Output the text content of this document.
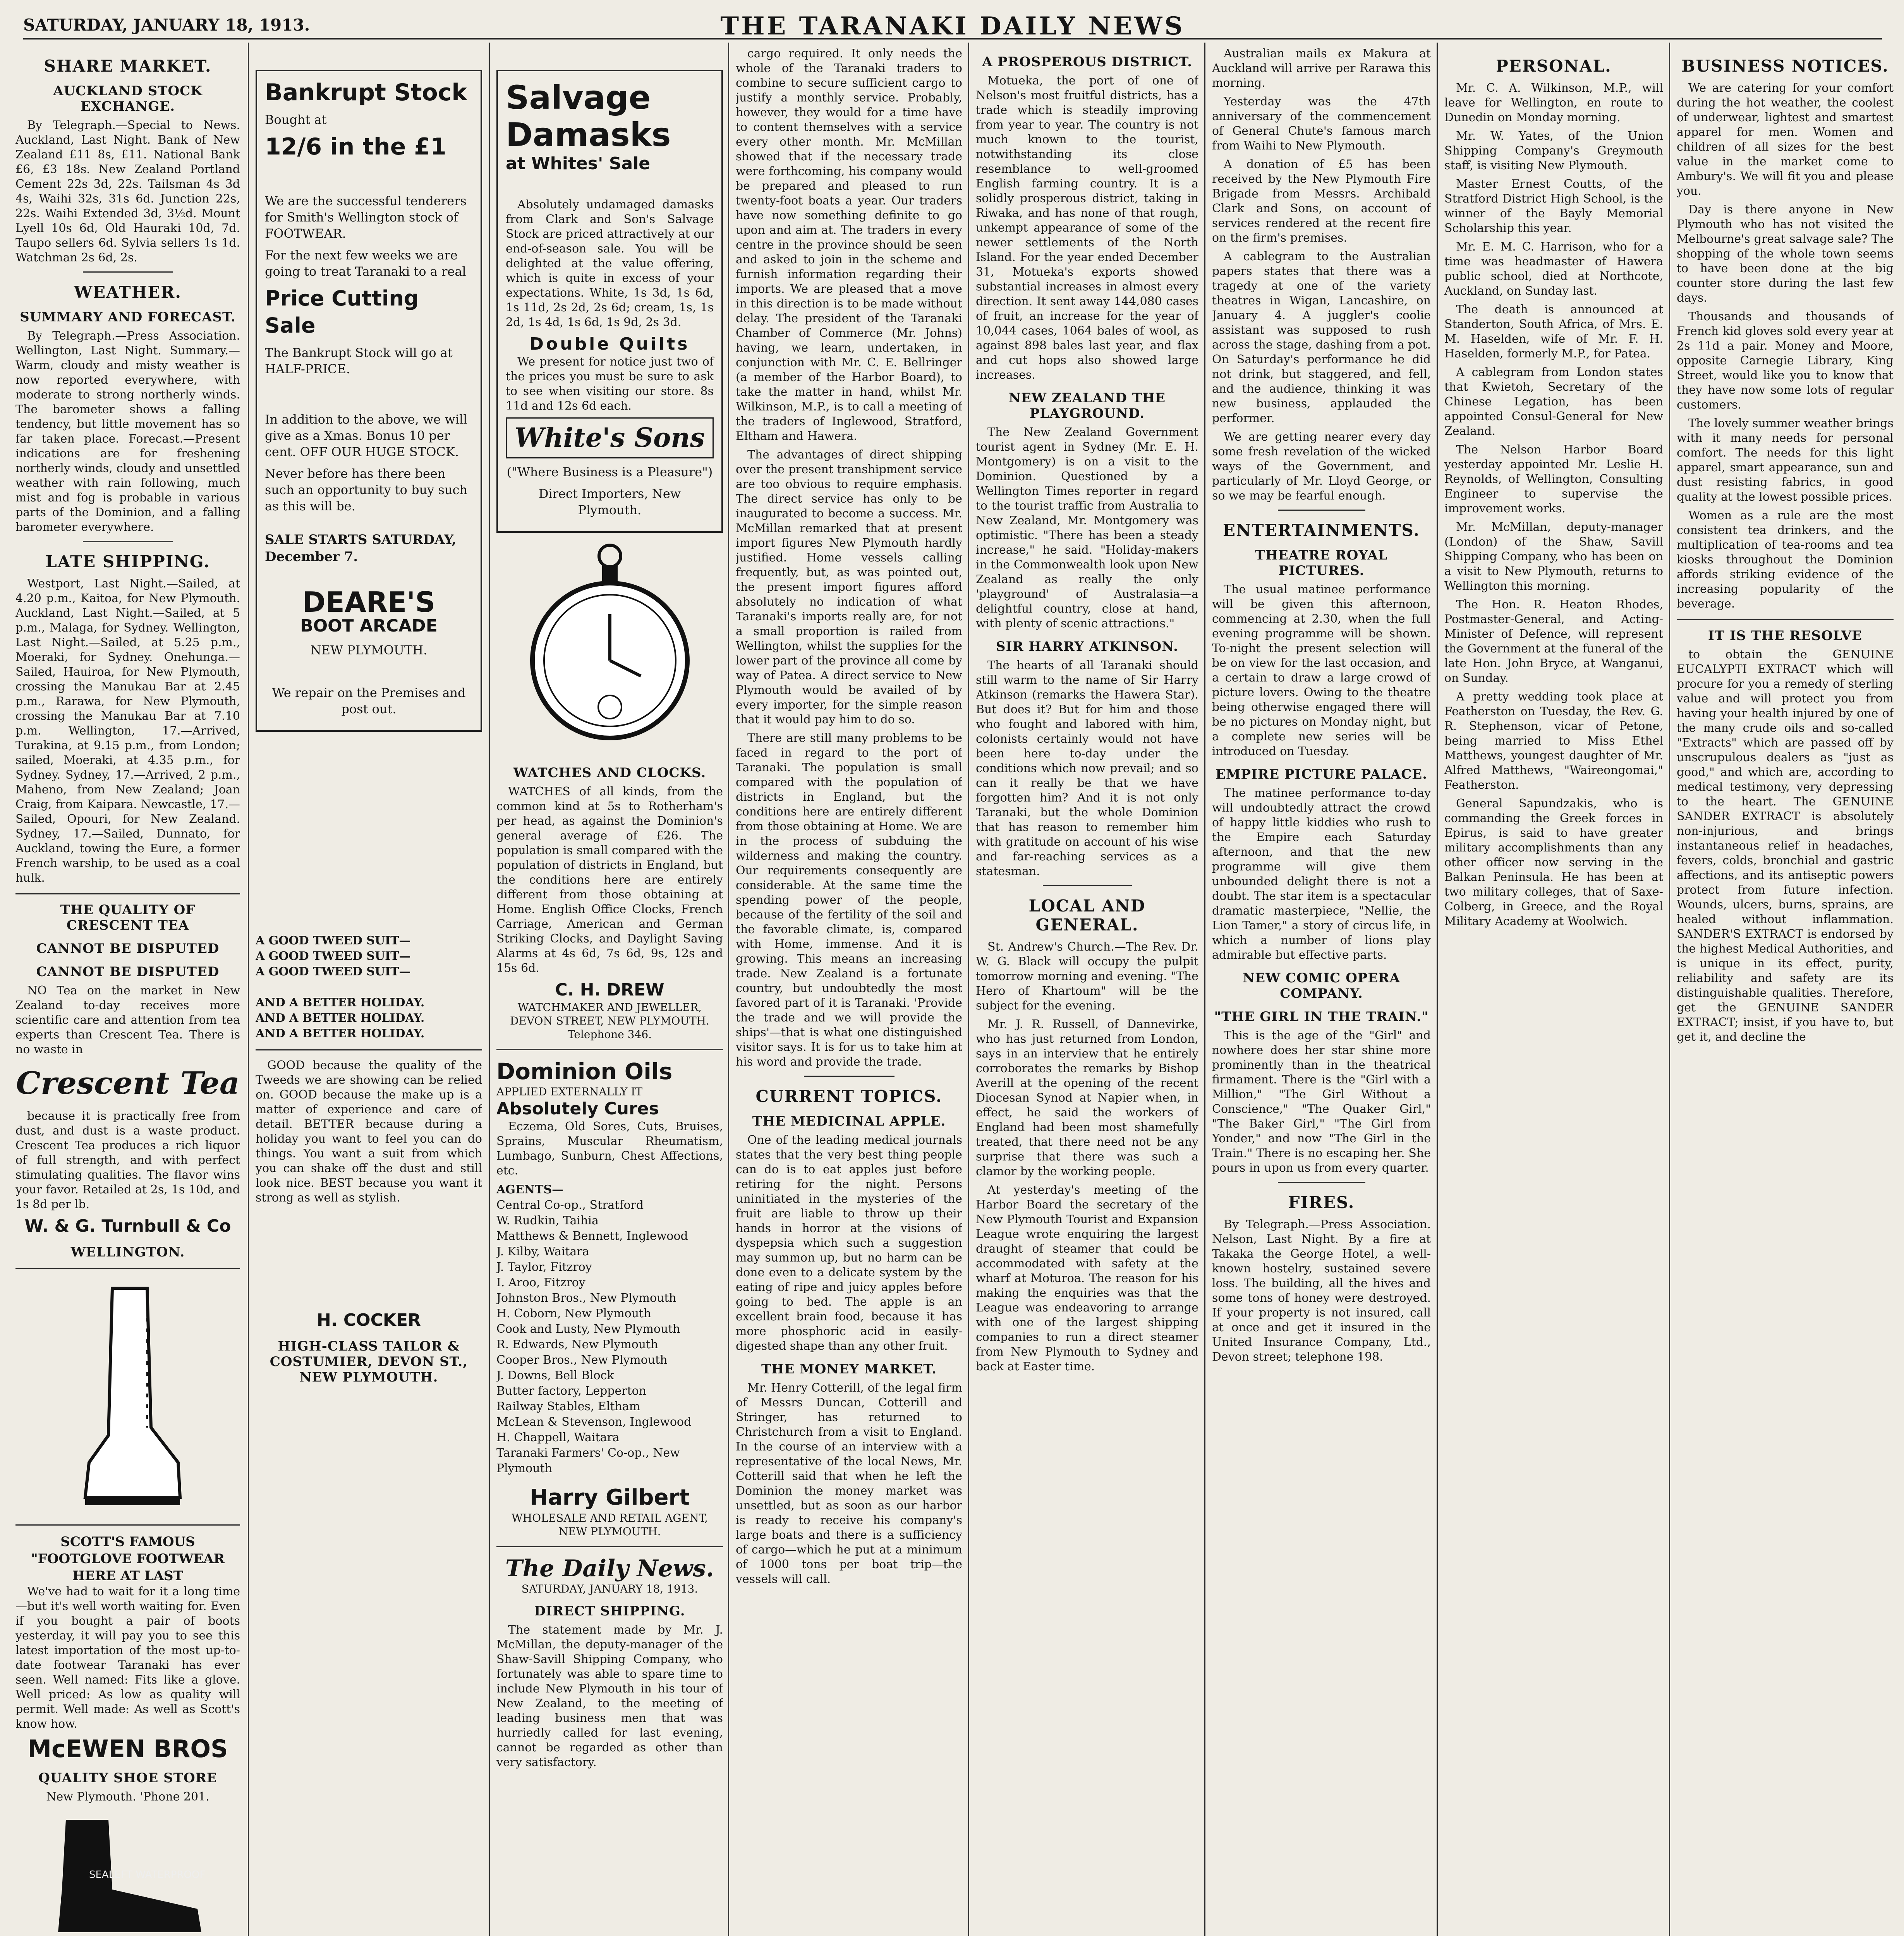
SATURDAY, JANUARY 18, 1913.	THE TARANAKI DAILY NEWS
SHARE MARKET.
AUCKLAND STOCK EXCHANGE.

By Telegraph.—Special to News. Auckland, Last Night. Bank of New Zealand £11 8s, £11. National Bank £6, £3 18s. New Zealand Portland Cement 22s 3d, 22s. Tailsman 4s 3d 4s, Waihi 32s, 31s 6d. Junction 22s, 22s. Waihi Extended 3d, 3½d. Mount Lyell 10s 6d, Old Hauraki 10d, 7d. Taupo sellers 6d. Sylvia sellers 1s 1d. Watchman 2s 6d, 2s.

WEATHER.
SUMMARY AND FORECAST.

By Telegraph.—Press Association. Wellington, Last Night. Summary.—Warm, cloudy and misty weather is now reported everywhere, with moderate to strong northerly winds. The barometer shows a falling tendency, but little movement has so far taken place. Forecast.—Present indications are for freshening northerly winds, cloudy and unsettled weather with rain following, much mist and fog is probable in various parts of the Dominion, and a falling barometer everywhere.

LATE SHIPPING.

Westport, Last Night.—Sailed, at 4.20 p.m., Kaitoa, for New Plymouth. Auckland, Last Night.—Sailed, at 5 p.m., Malaga, for Sydney. Wellington, Last Night.—Sailed, at 5.25 p.m., Moeraki, for Sydney. Onehunga.—Sailed, Hauiroa, for New Plymouth, crossing the Manukau Bar at 2.45 p.m., Rarawa, for New Plymouth, crossing the Manukau Bar at 7.10 p.m. Wellington, 17.—Arrived, Turakina, at 9.15 p.m., from London; sailed, Moeraki, at 4.35 p.m., for Sydney. Sydney, 17.—Arrived, 2 p.m., Maheno, from New Zealand; Joan Craig, from Kaipara. Newcastle, 17.—Sailed, Opouri, for New Zealand. Sydney, 17.—Sailed, Dunnato, for Auckland, towing the Eure, a former French warship, to be used as a coal hulk.

THE QUALITY OF CRESCENT TEA
CANNOT BE DISPUTED
CANNOT BE DISPUTED

NO Tea on the market in New Zealand to-day receives more scientific care and attention from tea experts than Crescent Tea. There is no waste in

Crescent Tea

because it is practically free from dust, and dust is a waste product. Crescent Tea produces a rich liquor of full strength, and with perfect stimulating qualities. The flavor wins your favor. Retailed at 2s, 1s 10d, and 1s 8d per lb.

W. & G. Turnbull & Co
WELLINGTON.
SCOTT'S FAMOUS "FOOTGLOVE FOOTWEAR HERE AT LAST

We've had to wait for it a long time—but it's well worth waiting for. Even if you bought a pair of boots yesterday, it will pay you to see this latest importation of the most up-to-date footwear Taranaki has ever seen. Well named: Fits like a glove. Well priced: As low as quality will permit. Well made: As well as Scott's know how.

McEWEN BROS
QUALITY SHOE STORE
New Plymouth. 'Phone 201.
SEALEFT WATERPROOF
Bankrupt Stock
Bought at
12/6 in the £1
We are the successful tenderers for Smith's Wellington stock of FOOTWEAR.
For the next few weeks we are going to treat Taranaki to a real
Price Cutting Sale
The Bankrupt Stock will go at HALF-PRICE.
In addition to the above, we will give as a Xmas. Bonus 10 per cent. OFF OUR HUGE STOCK.
Never before has there been such an opportunity to buy such as this will be.
SALE STARTS SATURDAY, December 7.
DEARE'S
BOOT ARCADE
NEW PLYMOUTH.
We repair on the Premises and post out.
A GOOD TWEED SUIT—
A GOOD TWEED SUIT—
A GOOD TWEED SUIT—
AND A BETTER HOLIDAY.
AND A BETTER HOLIDAY.
AND A BETTER HOLIDAY.

GOOD because the quality of the Tweeds we are showing can be relied on. GOOD because the make up is a matter of experience and care of detail. BETTER because during a holiday you want to feel you can do things. You want a suit from which you can shake off the dust and still look nice. BEST because you want it strong as well as stylish.

H. COCKER
HIGH-CLASS TAILOR & COSTUMIER, DEVON ST., NEW PLYMOUTH.
Salvage Damasks
at Whites' Sale

Absolutely undamaged damasks from Clark and Son's Salvage Stock are priced attractively at our end-of-season sale. You will be delighted at the value offering, which is quite in excess of your expectations. White, 1s 3d, 1s 6d, 1s 11d, 2s 2d, 2s 6d; cream, 1s, 1s 2d, 1s 4d, 1s 6d, 1s 9d, 2s 3d.

Double Quilts

We present for notice just two of the prices you must be sure to ask to see when visiting our store. 8s 11d and 12s 6d each.

White's Sons
("Where Business is a Pleasure")
Direct Importers, New Plymouth.
WATCHES AND CLOCKS.

WATCHES of all kinds, from the common kind at 5s to Rotherham's per head, as against the Dominion's general average of £26. The population is small compared with the population of districts in England, but the conditions here are entirely different from those obtaining at Home. English Office Clocks, French Carriage, American and German Striking Clocks, and Daylight Saving Alarms at 4s 6d, 7s 6d, 9s, 12s and 15s 6d.

C. H. DREW
WATCHMAKER AND JEWELLER, DEVON STREET, NEW PLYMOUTH. Telephone 346.
Dominion Oils
APPLIED EXTERNALLY IT
Absolutely Cures

Eczema, Old Sores, Cuts, Bruises, Sprains, Muscular Rheumatism, Lumbago, Sunburn, Chest Affections, etc.

AGENTS—
Central Co-op., Stratford
W. Rudkin, Taihia
Matthews & Bennett, Inglewood
J. Kilby, Waitara
J. Taylor, Fitzroy
I. Aroo, Fitzroy
Johnston Bros., New Plymouth
H. Coborn, New Plymouth
Cook and Lusty, New Plymouth
R. Edwards, New Plymouth
Cooper Bros., New Plymouth
J. Downs, Bell Block
Butter factory, Lepperton
Railway Stables, Eltham
McLean & Stevenson, Inglewood
H. Chappell, Waitara
Taranaki Farmers' Co-op., New Plymouth
Harry Gilbert
WHOLESALE AND RETAIL AGENT, NEW PLYMOUTH.
The Daily News.
SATURDAY, JANUARY 18, 1913.
DIRECT SHIPPING.

The statement made by Mr. J. McMillan, the deputy-manager of the Shaw-Savill Shipping Company, who fortunately was able to spare time to include New Plymouth in his tour of New Zealand, to the meeting of leading business men that was hurriedly called for last evening, cannot be regarded as other than very satisfactory.

cargo required. It only needs the whole of the Taranaki traders to combine to secure sufficient cargo to justify a monthly service. Probably, however, they would for a time have to content themselves with a service every other month. Mr. McMillan showed that if the necessary trade were forthcoming, his company would be prepared and pleased to run twenty-foot boats a year. Our traders have now something definite to go upon and aim at. The traders in every centre in the province should be seen and asked to join in the scheme and furnish information regarding their imports. We are pleased that a move in this direction is to be made without delay. The president of the Taranaki Chamber of Commerce (Mr. Johns) having, we learn, undertaken, in conjunction with Mr. C. E. Bellringer (a member of the Harbor Board), to take the matter in hand, whilst Mr. Wilkinson, M.P., is to call a meeting of the traders of Inglewood, Stratford, Eltham and Hawera.

The advantages of direct shipping over the present transhipment service are too obvious to require emphasis. The direct service has only to be inaugurated to become a success. Mr. McMillan remarked that at present import figures New Plymouth hardly justified. Home vessels calling frequently, but, as was pointed out, the present import figures afford absolutely no indication of what Taranaki's imports really are, for not a small proportion is railed from Wellington, whilst the supplies for the lower part of the province all come by way of Patea. A direct service to New Plymouth would be availed of by every importer, for the simple reason that it would pay him to do so.

There are still many problems to be faced in regard to the port of Taranaki. The population is small compared with the population of districts in England, but the conditions here are entirely different from those obtaining at Home. We are in the process of subduing the wilderness and making the country. Our requirements consequently are considerable. At the same time the spending power of the people, because of the fertility of the soil and the favorable climate, is, compared with Home, immense. And it is growing. This means an increasing trade. New Zealand is a fortunate country, but undoubtedly the most favored part of it is Taranaki. 'Provide the trade and we will provide the ships'—that is what one distinguished visitor says. It is for us to take him at his word and provide the trade.

CURRENT TOPICS.
THE MEDICINAL APPLE.

One of the leading medical journals states that the very best thing people can do is to eat apples just before retiring for the night. Persons uninitiated in the mysteries of the fruit are liable to throw up their hands in horror at the visions of dyspepsia which such a suggestion may summon up, but no harm can be done even to a delicate system by the eating of ripe and juicy apples before going to bed. The apple is an excellent brain food, because it has more phosphoric acid in easily-digested shape than any other fruit.

THE MONEY MARKET.

Mr. Henry Cotterill, of the legal firm of Messrs Duncan, Cotterill and Stringer, has returned to Christchurch from a visit to England. In the course of an interview with a representative of the local News, Mr. Cotterill said that when he left the Dominion the money market was unsettled, but as soon as our harbor is ready to receive his company's large boats and there is a sufficiency of cargo—which he put at a minimum of 1000 tons per boat trip—the vessels will call.

A PROSPEROUS DISTRICT.

Motueka, the port of one of Nelson's most fruitful districts, has a trade which is steadily improving from year to year. The country is not much known to the tourist, notwithstanding its close resemblance to well-groomed English farming country. It is a solidly prosperous district, taking in Riwaka, and has none of that rough, unkempt appearance of some of the newer settlements of the North Island. For the year ended December 31, Motueka's exports showed substantial increases in almost every direction. It sent away 144,080 cases of fruit, an increase for the year of 10,044 cases, 1064 bales of wool, as against 898 bales last year, and flax and cut hops also showed large increases.

NEW ZEALAND THE PLAYGROUND.

The New Zealand Government tourist agent in Sydney (Mr. E. H. Montgomery) is on a visit to the Dominion. Questioned by a Wellington Times reporter in regard to the tourist traffic from Australia to New Zealand, Mr. Montgomery was optimistic. "There has been a steady increase," he said. "Holiday-makers in the Commonwealth look upon New Zealand as really the only 'playground' of Australasia—a delightful country, close at hand, with plenty of scenic attractions."

SIR HARRY ATKINSON.

The hearts of all Taranaki should still warm to the name of Sir Harry Atkinson (remarks the Hawera Star). But does it? But for him and those who fought and labored with him, colonists certainly would not have been here to-day under the conditions which now prevail; and so can it really be that we have forgotten him? And it is not only Taranaki, but the whole Dominion that has reason to remember him with gratitude on account of his wise and far-reaching services as a statesman.

LOCAL AND GENERAL.

St. Andrew's Church.—The Rev. Dr. W. G. Black will occupy the pulpit tomorrow morning and evening. "The Hero of Khartoum" will be the subject for the evening.

Mr. J. R. Russell, of Dannevirke, who has just returned from London, says in an interview that he entirely corroborates the remarks by Bishop Averill at the opening of the recent Diocesan Synod at Napier when, in effect, he said the workers of England had been most shamefully treated, that there need not be any surprise that there was such a clamor by the working people.

At yesterday's meeting of the Harbor Board the secretary of the New Plymouth Tourist and Expansion League wrote enquiring the largest draught of steamer that could be accommodated with safety at the wharf at Moturoa. The reason for his making the enquiries was that the League was endeavoring to arrange with one of the largest shipping companies to run a direct steamer from New Plymouth to Sydney and back at Easter time.

Australian mails ex Makura at Auckland will arrive per Rarawa this morning.

Yesterday was the 47th anniversary of the commencement of General Chute's famous march from Waihi to New Plymouth.

A donation of £5 has been received by the New Plymouth Fire Brigade from Messrs. Archibald Clark and Sons, on account of services rendered at the recent fire on the firm's premises.

A cablegram to the Australian papers states that there was a tragedy at one of the variety theatres in Wigan, Lancashire, on January 4. A juggler's coolie assistant was supposed to rush across the stage, dashing from a pot. On Saturday's performance he did not drink, but staggered, and fell, and the audience, thinking it was new business, applauded the performer.

We are getting nearer every day some fresh revelation of the wicked ways of the Government, and particularly of Mr. Lloyd George, or so we may be fearful enough.

ENTERTAINMENTS.
THEATRE ROYAL PICTURES.

The usual matinee performance will be given this afternoon, commencing at 2.30, when the full evening programme will be shown. To-night the present selection will be on view for the last occasion, and a certain to draw a large crowd of picture lovers. Owing to the theatre being otherwise engaged there will be no pictures on Monday night, but a complete new series will be introduced on Tuesday.

EMPIRE PICTURE PALACE.

The matinee performance to-day will undoubtedly attract the crowd of happy little kiddies who rush to the Empire each Saturday afternoon, and that the new programme will give them unbounded delight there is not a doubt. The star item is a spectacular dramatic masterpiece, "Nellie, the Lion Tamer," a story of circus life, in which a number of lions play admirable but effective parts.

NEW COMIC OPERA COMPANY.
"THE GIRL IN THE TRAIN."

This is the age of the "Girl" and nowhere does her star shine more prominently than in the theatrical firmament. There is the "Girl with a Million," "The Girl Without a Conscience," "The Quaker Girl," "The Baker Girl," "The Girl from Yonder," and now "The Girl in the Train." There is no escaping her. She pours in upon us from every quarter.

FIRES.

By Telegraph.—Press Association. Nelson, Last Night. By a fire at Takaka the George Hotel, a well-known hostelry, sustained severe loss. The building, all the hives and some tons of honey were destroyed. If your property is not insured, call at once and get it insured in the United Insurance Company, Ltd., Devon street; telephone 198.

PERSONAL.

Mr. C. A. Wilkinson, M.P., will leave for Wellington, en route to Dunedin on Monday morning.

Mr. W. Yates, of the Union Shipping Company's Greymouth staff, is visiting New Plymouth.

Master Ernest Coutts, of the Stratford District High School, is the winner of the Bayly Memorial Scholarship this year.

Mr. E. M. C. Harrison, who for a time was headmaster of Hawera public school, died at Northcote, Auckland, on Sunday last.

The death is announced at Standerton, South Africa, of Mrs. E. M. Haselden, wife of Mr. F. H. Haselden, formerly M.P., for Patea.

A cablegram from London states that Kwietoh, Secretary of the Chinese Legation, has been appointed Consul-General for New Zealand.

The Nelson Harbor Board yesterday appointed Mr. Leslie H. Reynolds, of Wellington, Consulting Engineer to supervise the improvement works.

Mr. McMillan, deputy-manager (London) of the Shaw, Savill Shipping Company, who has been on a visit to New Plymouth, returns to Wellington this morning.

The Hon. R. Heaton Rhodes, Postmaster-General, and Acting-Minister of Defence, will represent the Government at the funeral of the late Hon. John Bryce, at Wanganui, on Sunday.

A pretty wedding took place at Featherston on Tuesday, the Rev. G. R. Stephenson, vicar of Petone, being married to Miss Ethel Matthews, youngest daughter of Mr. Alfred Matthews, "Waireongomai," Featherston.

General Sapundzakis, who is commanding the Greek forces in Epirus, is said to have greater military accomplishments than any other officer now serving in the Balkan Peninsula. He has been at two military colleges, that of Saxe-Colberg, in Greece, and the Royal Military Academy at Woolwich.

BUSINESS NOTICES.

We are catering for your comfort during the hot weather, the coolest of underwear, lightest and smartest apparel for men. Women and children of all sizes for the best value in the market come to Ambury's. We will fit you and please you.

Day is there anyone in New Plymouth who has not visited the Melbourne's great salvage sale? The shopping of the whole town seems to have been done at the big counter store during the last few days.

Thousands and thousands of French kid gloves sold every year at 2s 11d a pair. Money and Moore, opposite Carnegie Library, King Street, would like you to know that they have now some lots of regular customers.

The lovely summer weather brings with it many needs for personal comfort. The needs for this light apparel, smart appearance, sun and dust resisting fabrics, in good quality at the lowest possible prices.

Women as a rule are the most consistent tea drinkers, and the multiplication of tea-rooms and tea kiosks throughout the Dominion affords striking evidence of the increasing popularity of the beverage.

IT IS THE RESOLVE

to obtain the GENUINE EUCALYPTI EXTRACT which will procure for you a remedy of sterling value and will protect you from having your health injured by one of the many crude oils and so-called "Extracts" which are passed off by unscrupulous dealers as "just as good," and which are, according to medical testimony, very depressing to the heart. The GENUINE SANDER EXTRACT is absolutely non-injurious, and brings instantaneous relief in headaches, fevers, colds, bronchial and gastric affections, and its antiseptic powers protect from future infection. Wounds, ulcers, burns, sprains, are healed without inflammation. SANDER'S EXTRACT is endorsed by the highest Medical Authorities, and is unique in its effect, purity, reliability and safety are its distinguishable qualities. Therefore, get the GENUINE SANDER EXTRACT; insist, if you have to, but get it, and decline the
